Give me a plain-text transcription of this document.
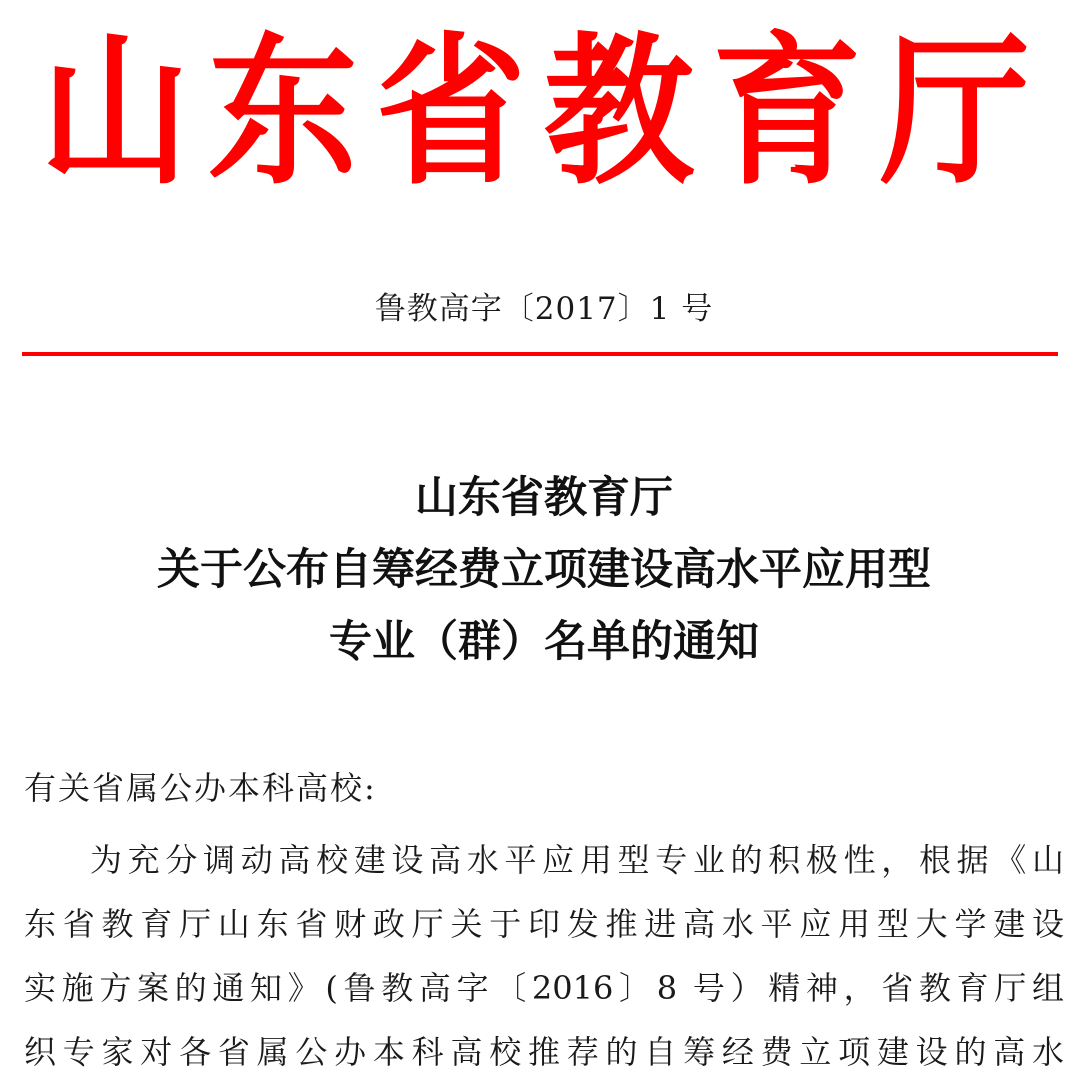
山东省教育厅
鲁教高字〔2017〕1 号
山东省教育厅
关于公布自筹经费立项建设高水平应用型
专业（群）名单的通知
有关省属公办本科高校:
为充分调动高校建设高水平应用型专业的积极性，根据《山
东省教育厅山东省财政厅关于印发推进高水平应用型大学建设
实施方案的通知》(鲁教高字〔2016〕8 号）精神，省教育厅组
织专家对各省属公办本科高校推荐的自筹经费立项建设的高水
